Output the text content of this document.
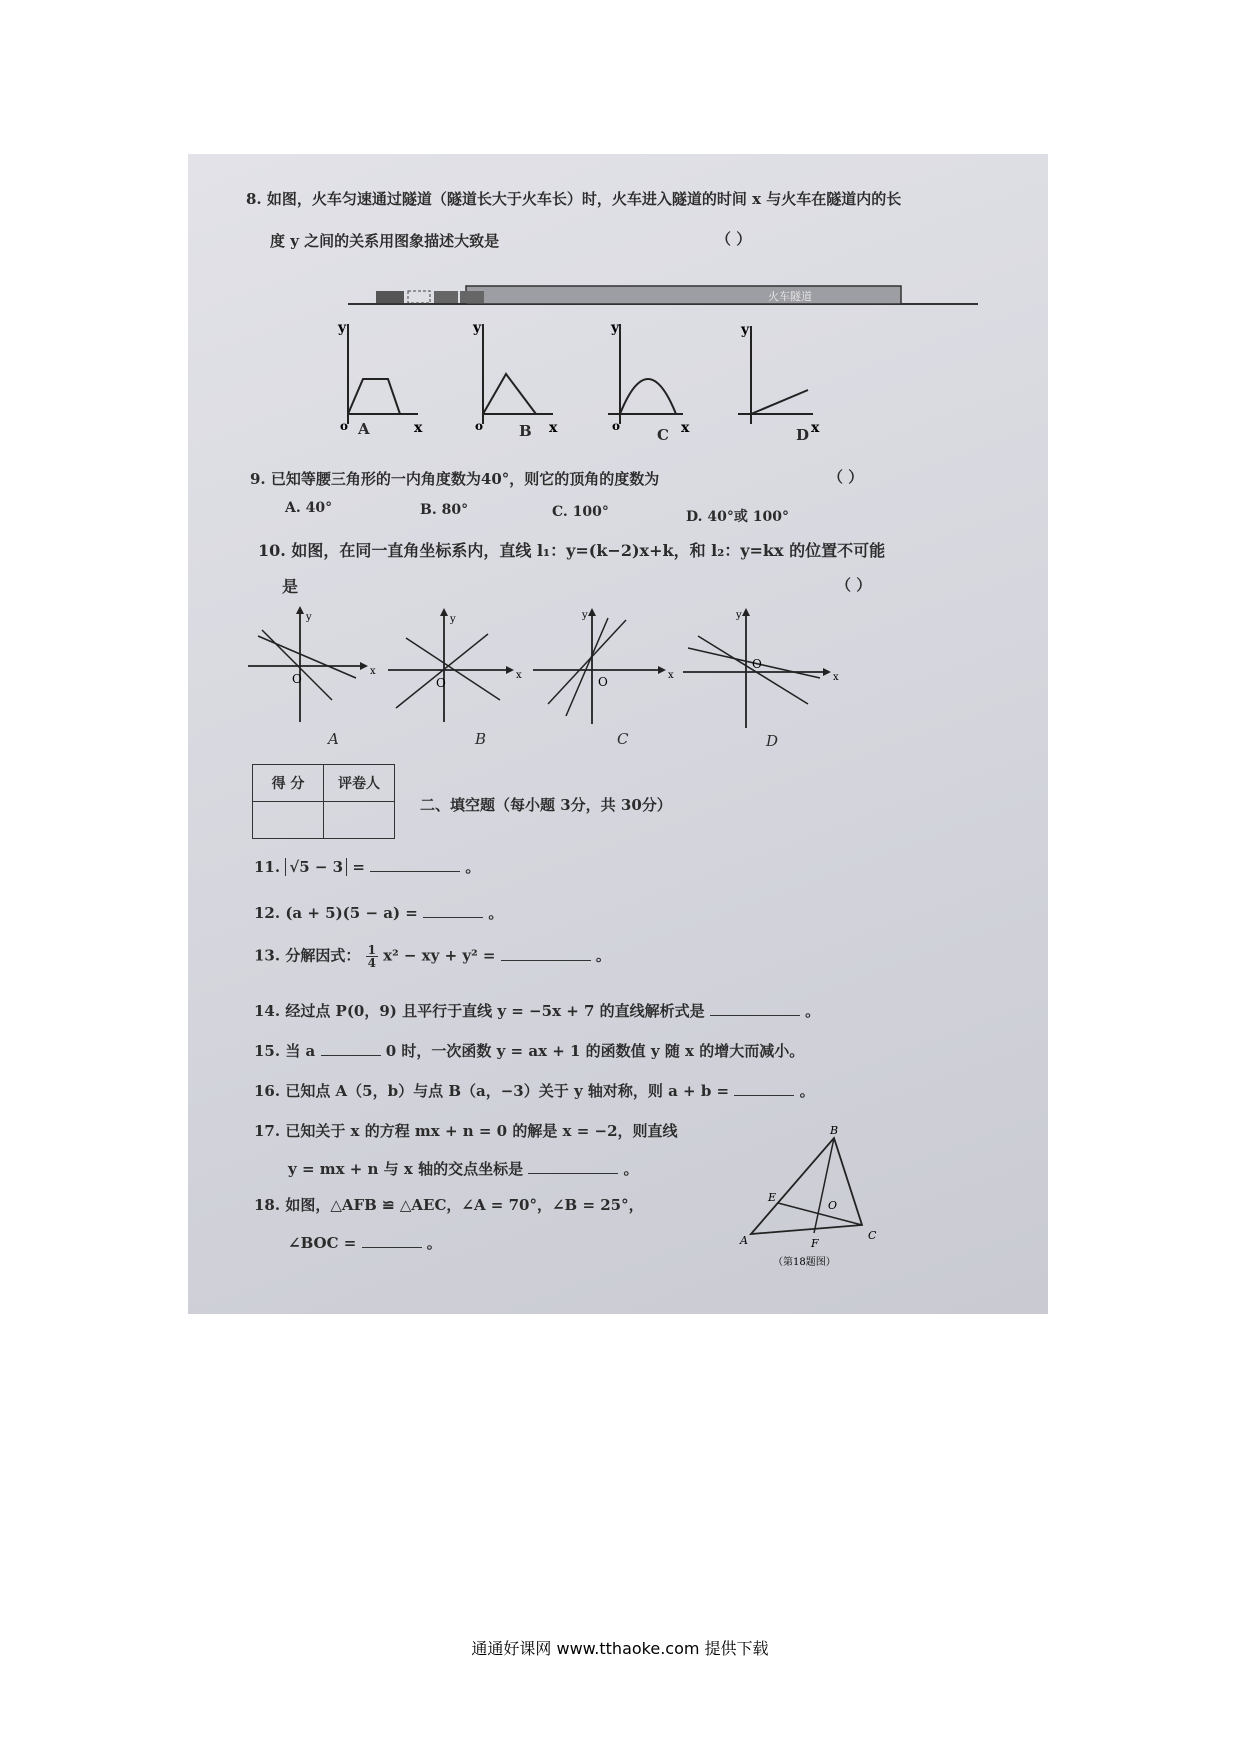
8. 如图，火车匀速通过隧道（隧道长大于火车长）时，火车进入隧道的时间 x 与火车在隧道内的长
度 y 之间的关系用图象描述大致是	（ ）
火车隧道
y
x
o
y
x
o
y
x
o
y
x
A	B	C	D
9. 已知等腰三角形的一内角度数为40°，则它的顶角的度数为	（ ）
A. 40°	B. 80°	C. 100°	D. 40°或 100°
10. 如图，在同一直角坐标系内，直线 l₁：y=(k−2)x+k，和 l₂：y=kx 的位置不可能
是	（ ）
y
x
O
y
x
O
y
x
O
y
x
O
A	B	C	D
得 分	评卷人

二、填空题（每小题 3分，共 30分）
11. √5 − 3 =	。
12. (a + 5)(5 − a) =	。
13. 分解因式： $\frac{1}{4} x^2$ − xy + y² =	。
14. 经过点 P(0，9) 且平行于直线 y = −5x + 7 的直线解析式是	。
15. 当 a	0 时，一次函数 y = ax + 1 的函数值 y 随 x 的增大而减小。
16. 已知点 A（5，b）与点 B（a，−3）关于 y 轴对称，则 a + b =	。
17. 已知关于 x 的方程 mx + n = 0 的解是 x = −2，则直线
y = mx + n 与 x 轴的交点坐标是	。
18. 如图，△AFB ≌ △AEC，∠A = 70°，∠B = 25°，
∠BOC =	。
B
E
O
A	F
C
（第18题图）
通通好课网 www.tthaoke.com 提供下载
